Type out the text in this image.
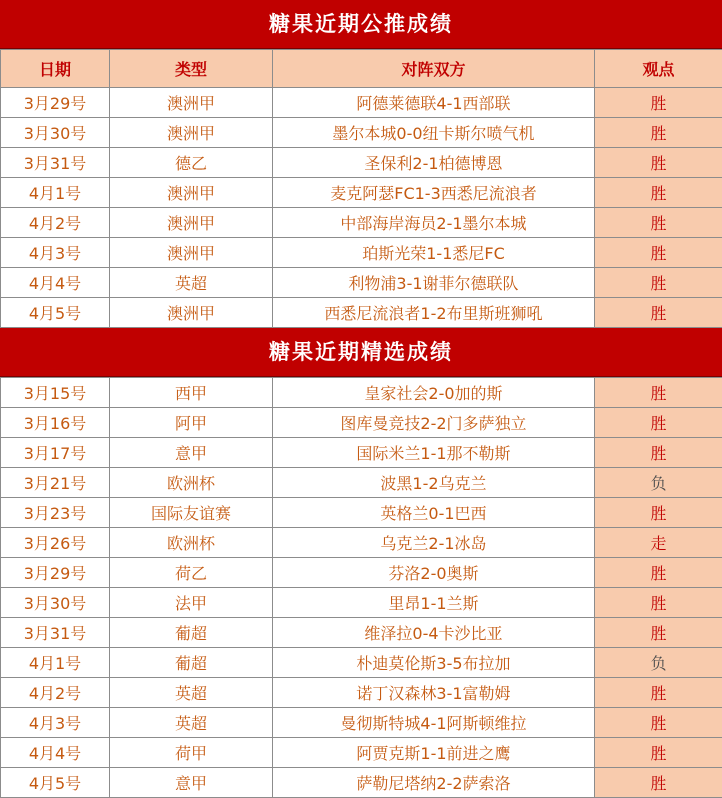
糖果近期公推成绩
日期	类型	对阵双方	观点
3月29号	澳洲甲	阿德莱德联4-1西部联	胜
3月30号	澳洲甲	墨尔本城0-0纽卡斯尔喷气机	胜
3月31号	德乙	圣保利2-1柏德博恩	胜
4月1号	澳洲甲	麦克阿瑟FC1-3西悉尼流浪者	胜
4月2号	澳洲甲	中部海岸海员2-1墨尔本城	胜
4月3号	澳洲甲	珀斯光荣1-1悉尼FC	胜
4月4号	英超	利物浦3-1谢菲尔德联队	胜
4月5号	澳洲甲	西悉尼流浪者1-2布里斯班狮吼	胜
糖果近期精选成绩
3月15号	西甲	皇家社会2-0加的斯	胜
3月16号	阿甲	图库曼竞技2-2门多萨独立	胜
3月17号	意甲	国际米兰1-1那不勒斯	胜
3月21号	欧洲杯	波黑1-2乌克兰	负
3月23号	国际友谊赛	英格兰0-1巴西	胜
3月26号	欧洲杯	乌克兰2-1冰岛	走
3月29号	荷乙	芬洛2-0奥斯	胜
3月30号	法甲	里昂1-1兰斯	胜
3月31号	葡超	维泽拉0-4卡沙比亚	胜
4月1号	葡超	朴迪莫伦斯3-5布拉加	负
4月2号	英超	诺丁汉森林3-1富勒姆	胜
4月3号	英超	曼彻斯特城4-1阿斯顿维拉	胜
4月4号	荷甲	阿贾克斯1-1前进之鹰	胜
4月5号	意甲	萨勒尼塔纳2-2萨索洛	胜
